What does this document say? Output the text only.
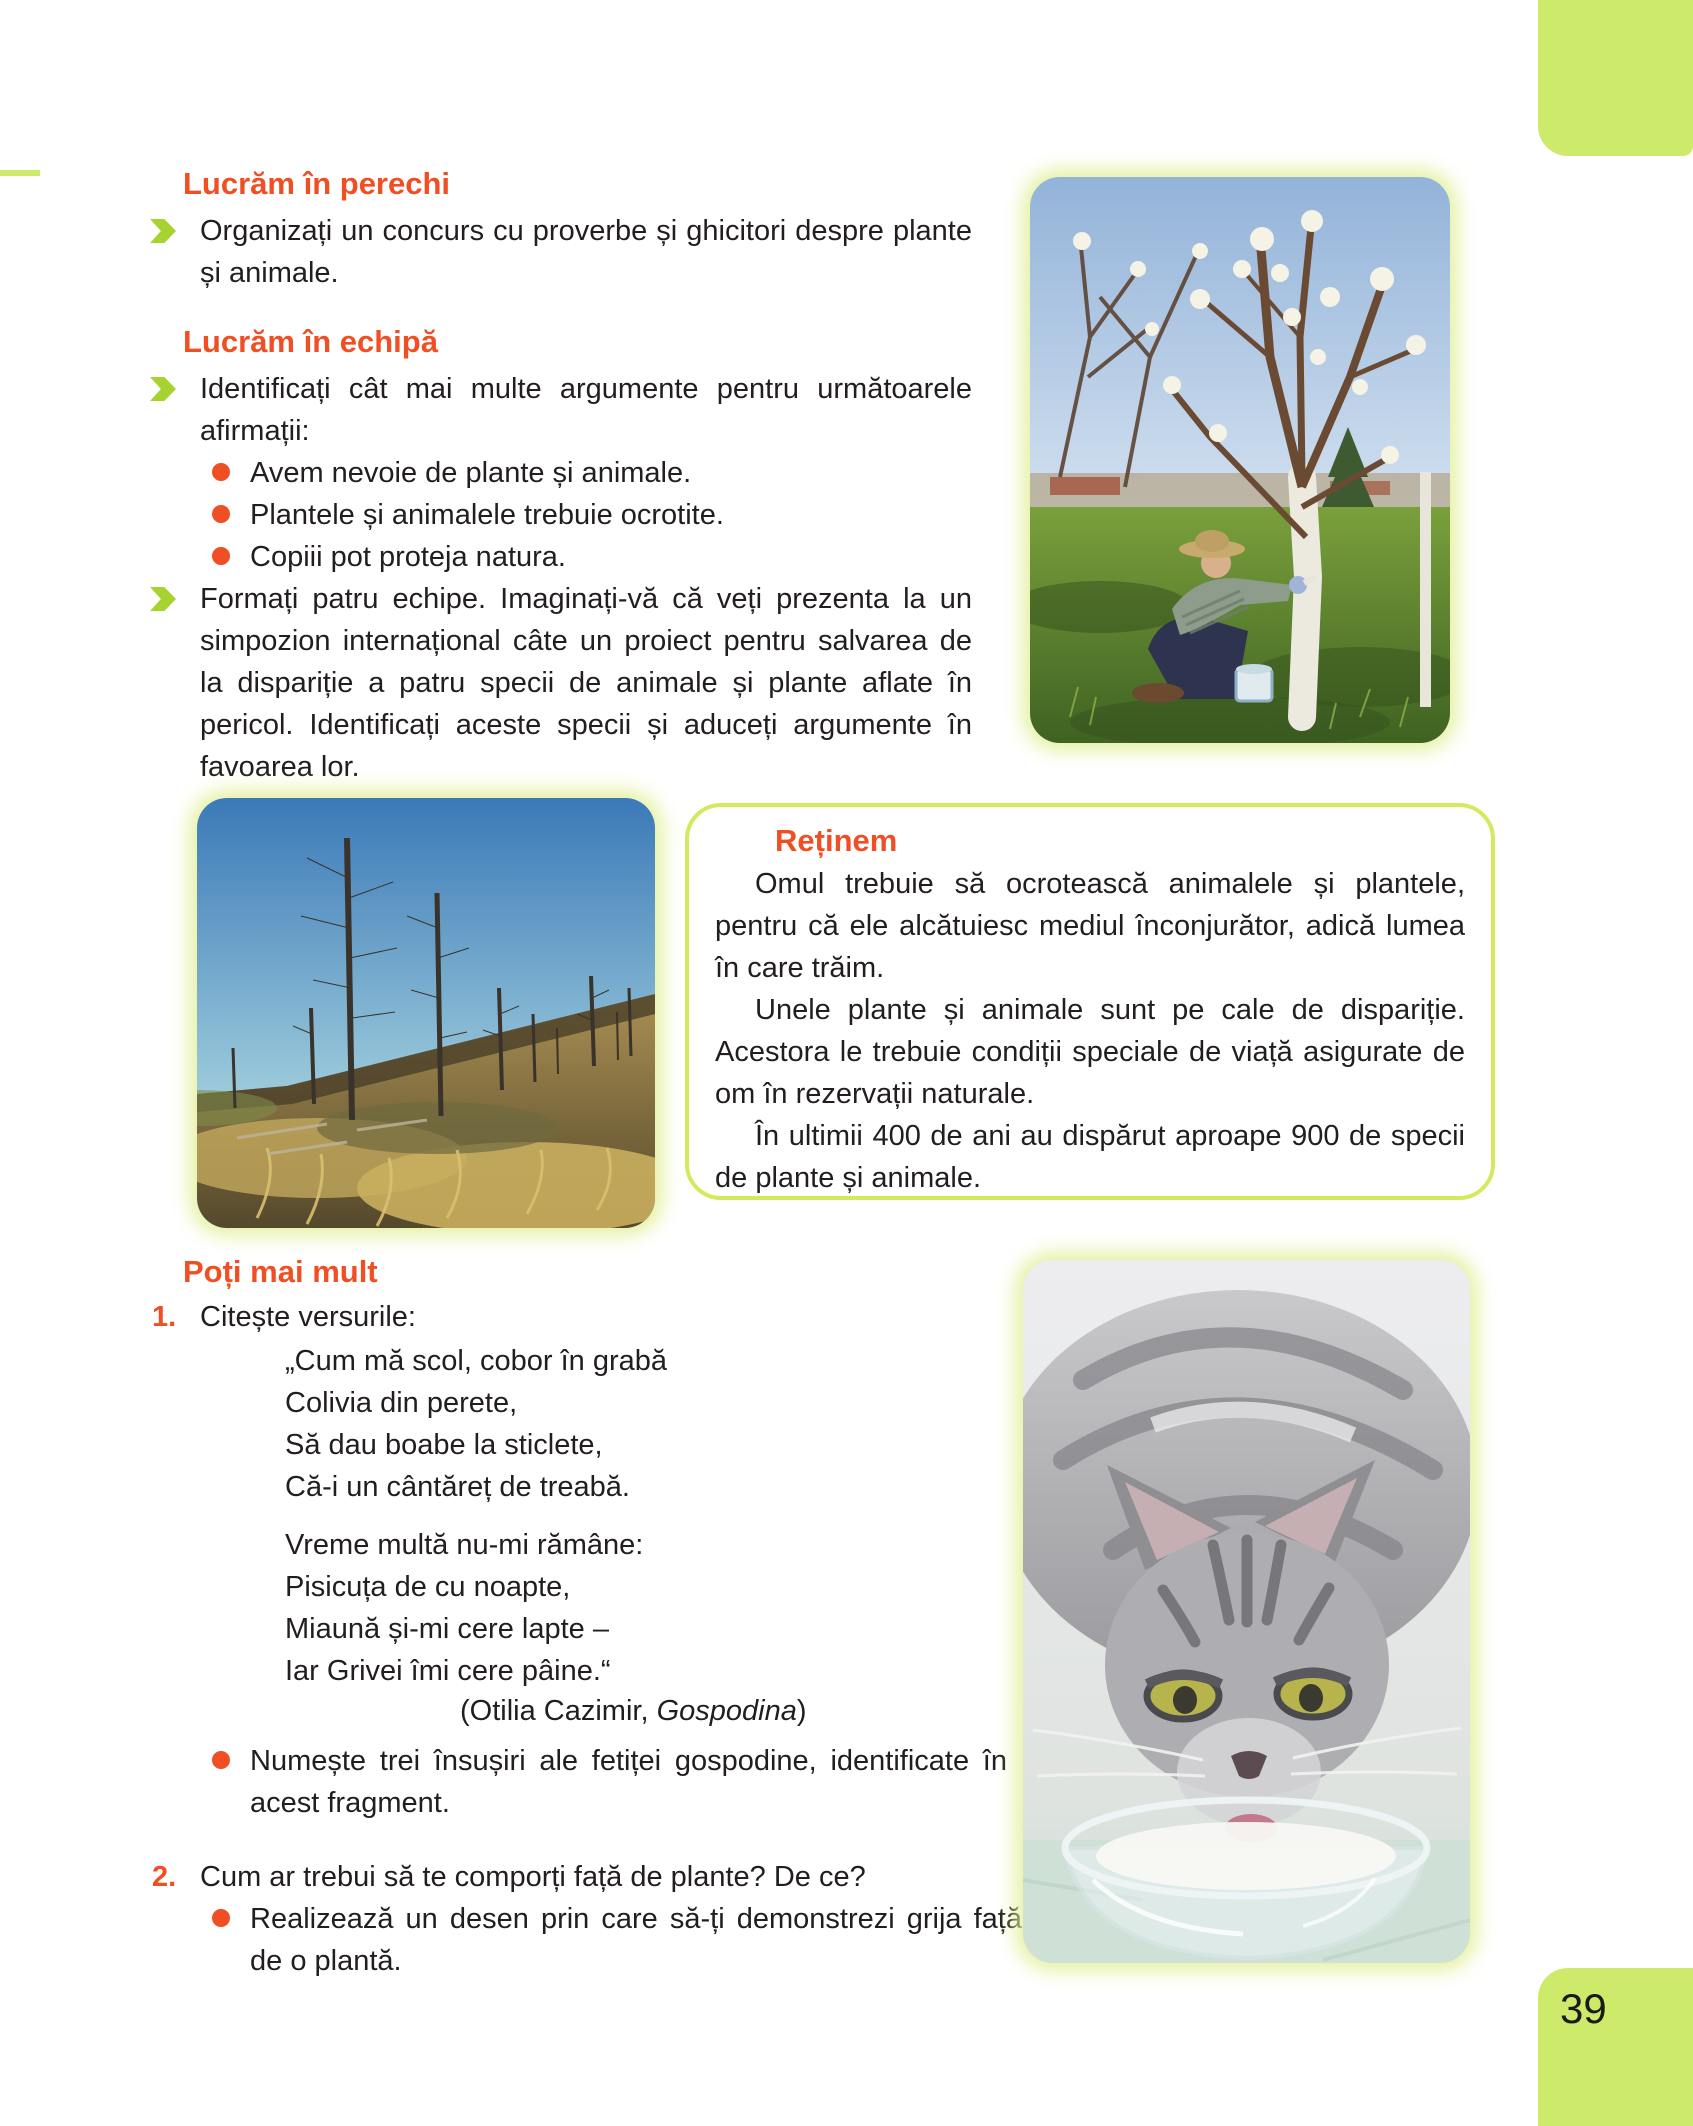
Lucrăm în perechi

Organizați un concurs cu proverbe și ghicitori despre plante și animale.

Lucrăm în echipă

Identificați cât mai multe argumente pentru următoarele afirmații:

Avem nevoie de plante și animale.

Plantele și animalele trebuie ocrotite.

Copiii pot proteja natura.

Formați patru echipe. Imaginați-vă că veți prezenta la un simpozion internațional câte un proiect pentru salvarea de la dispariție a patru specii de animale și plante aflate în pericol. Identificați aceste specii și aduceți argumente în favoarea lor.

Reținem

Omul trebuie să ocrotească animalele și plantele, pentru că ele alcătuiesc mediul înconjurător, adică lumea în care trăim.

Unele plante și animale sunt pe cale de dispariție. Acestora le trebuie condiții speciale de viață asigurate de om în rezervații naturale.

În ultimii 400 de ani au dispărut aproape 900 de specii de plante și animale.

Poți mai mult
1. Citește versurile:

„Cum mă scol, cobor în grabă

Colivia din perete,

Să dau boabe la sticlete,

Că-i un cântăreț de treabă.

Vreme multă nu-mi rămâne:

Pisicuța de cu noapte,

Miaună și-mi cere lapte –

Iar Grivei îmi cere pâine.“

(Otilia Cazimir, Gospodina)

Numește trei însușiri ale fetiței gospodine, identificate în acest fragment.

2. Cum ar trebui să te comporți față de plante? De ce?

Realizează un desen prin care să-ți demonstrezi grija față de o plantă.

39
